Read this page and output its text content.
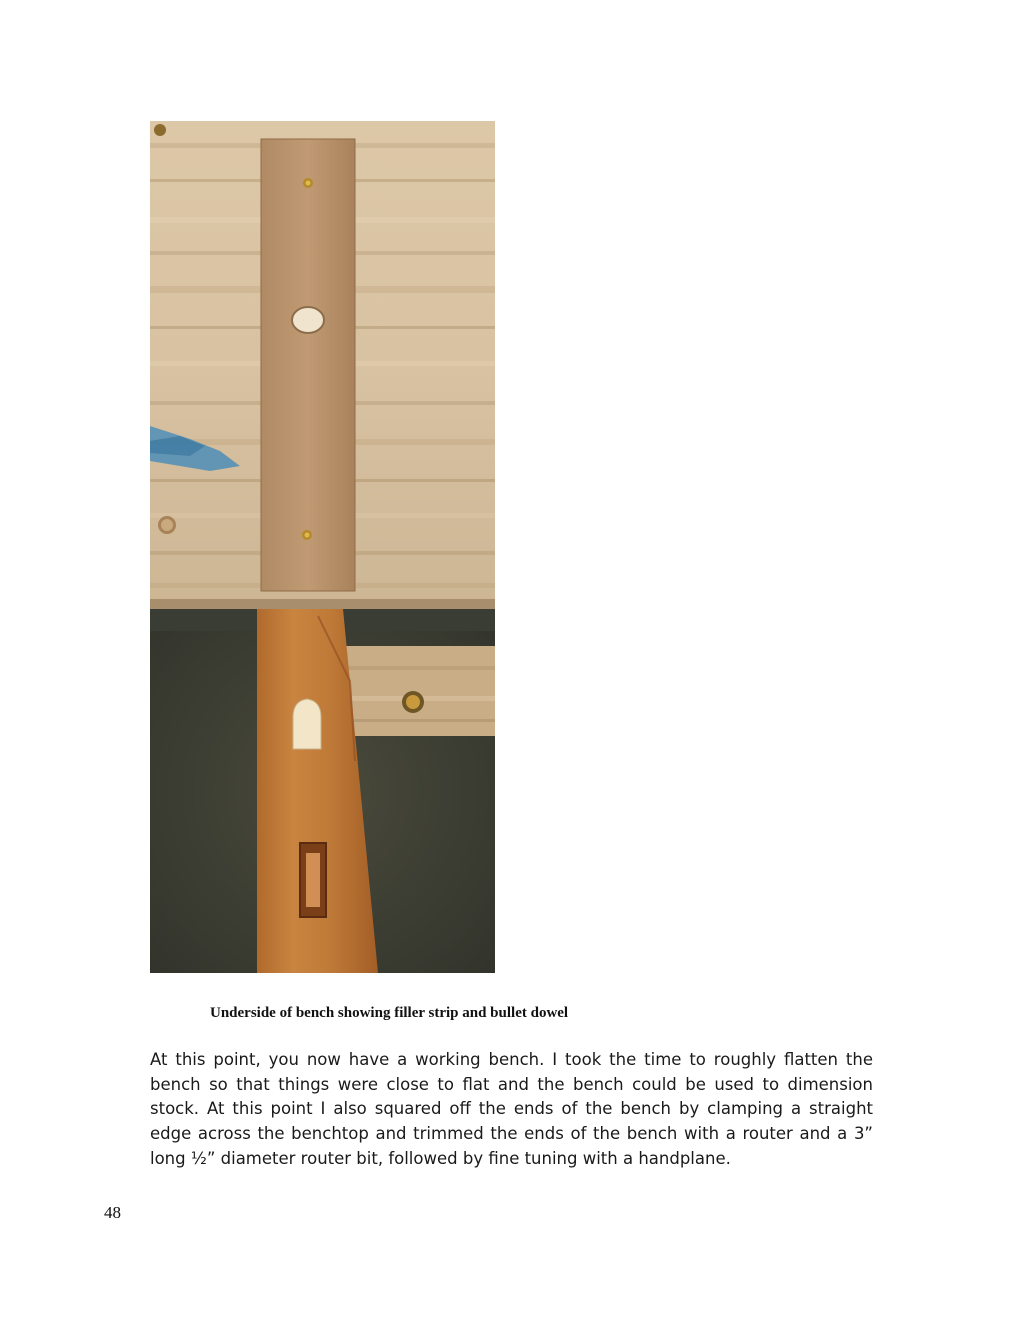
Underside of bench showing filler strip and bullet dowel

At this point, you now have a working bench. I took the time to roughly flatten the bench so that things were close to flat and the bench could be used to dimension stock. At this point I also squared off the ends of the bench by clamping a straight edge across the benchtop and trimmed the ends of the bench with a router and a 3” long ½” diameter router bit, followed by fine tuning with a handplane.

48
